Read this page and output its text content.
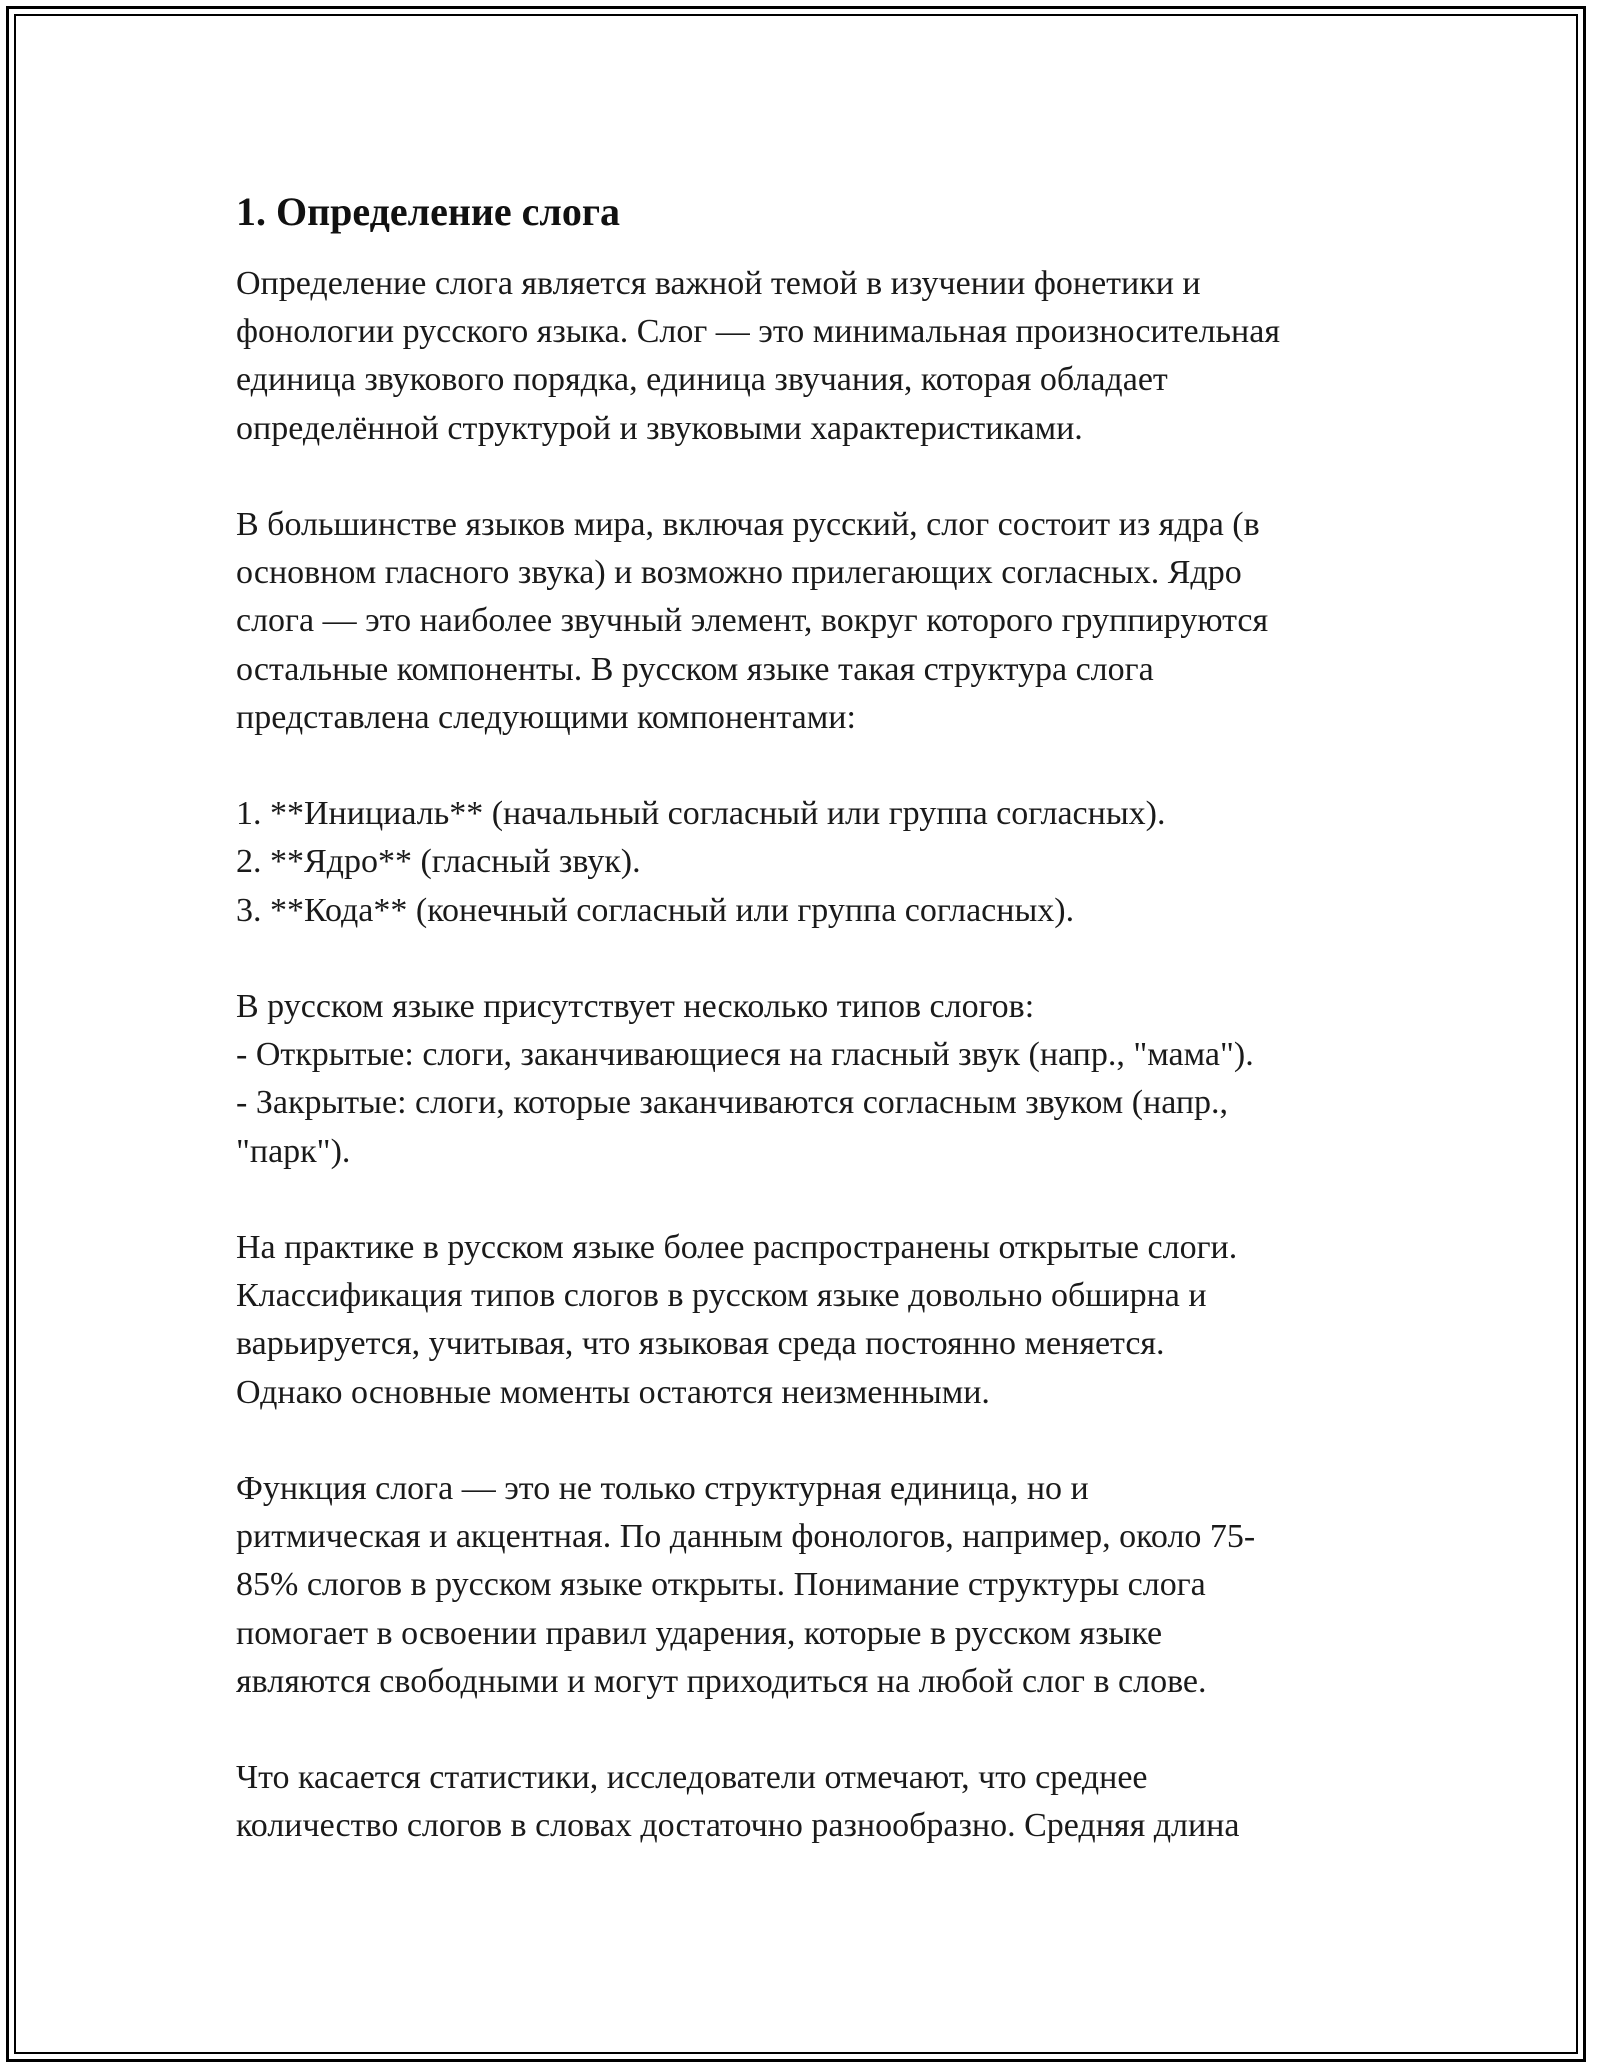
1. Определение слога
Определение слога является важной темой в изучении фонетики и
фонологии русского языка. Слог — это минимальная произносительная
единица звукового порядка, единица звучания, которая обладает
определённой структурой и звуковыми характеристиками.
В большинстве языков мира, включая русский, слог состоит из ядра (в
основном гласного звука) и возможно прилегающих согласных. Ядро
слога — это наиболее звучный элемент, вокруг которого группируются
остальные компоненты. В русском языке такая структура слога
представлена следующими компонентами:
1. **Инициаль** (начальный согласный или группа согласных).
2. **Ядро** (гласный звук).
3. **Кода** (конечный согласный или группа согласных).
В русском языке присутствует несколько типов слогов:
- Открытые: слоги, заканчивающиеся на гласный звук (напр., "мама").
- Закрытые: слоги, которые заканчиваются согласным звуком (напр.,
"парк").
На практике в русском языке более распространены открытые слоги.
Классификация типов слогов в русском языке довольно обширна и
варьируется, учитывая, что языковая среда постоянно меняется.
Однако основные моменты остаются неизменными.
Функция слога — это не только структурная единица, но и
ритмическая и акцентная. По данным фонологов, например, около 75-
85% слогов в русском языке открыты. Понимание структуры слога
помогает в освоении правил ударения, которые в русском языке
являются свободными и могут приходиться на любой слог в слове.
Что касается статистики, исследователи отмечают, что среднее
количество слогов в словах достаточно разнообразно. Средняя длина
